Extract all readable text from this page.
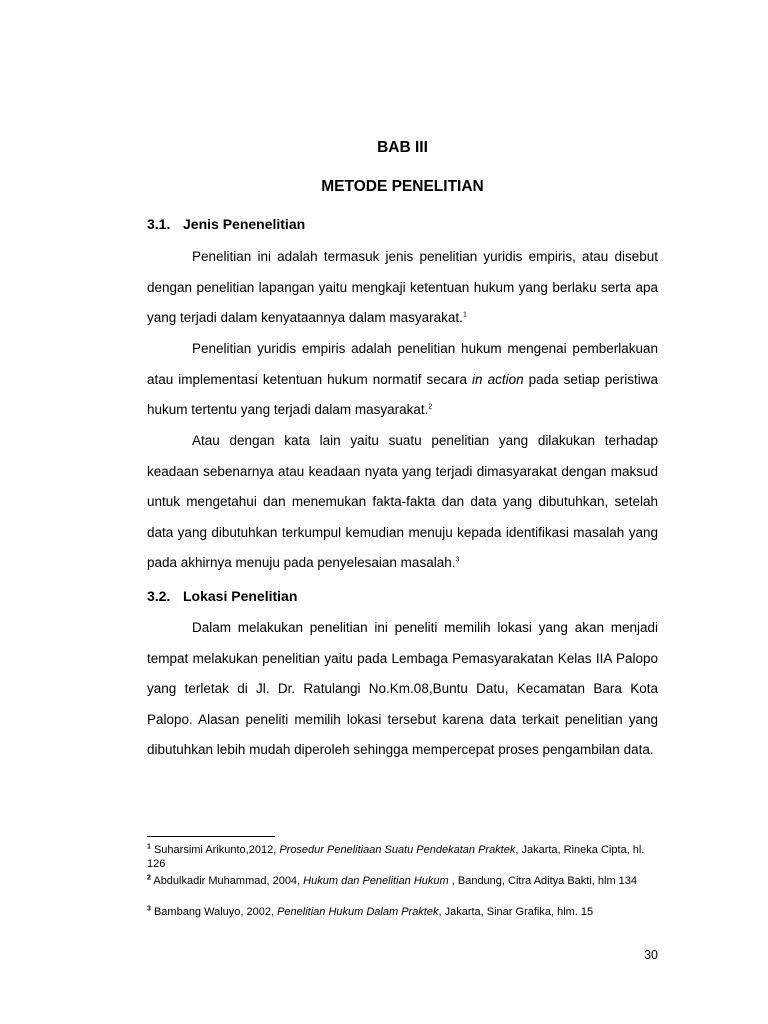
BAB III
METODE PENELITIAN
3.1. Jenis Penenelitian

Penelitian ini adalah termasuk jenis penelitian yuridis empiris, atau disebut dengan penelitian lapangan yaitu mengkaji ketentuan hukum yang berlaku serta apa yang terjadi dalam kenyataannya dalam masyarakat.$^1$

Penelitian yuridis empiris adalah penelitian hukum mengenai pemberlakuan atau implementasi ketentuan hukum normatif secara in action pada setiap peristiwa hukum tertentu yang terjadi dalam masyarakat.$^2$

Atau dengan kata lain yaitu suatu penelitian yang dilakukan terhadap keadaan sebenarnya atau keadaan nyata yang terjadi dimasyarakat dengan maksud untuk mengetahui dan menemukan fakta-fakta dan data yang dibutuhkan, setelah data yang dibutuhkan terkumpul kemudian menuju kepada identifikasi masalah yang pada akhirnya menuju pada penyelesaian masalah.$^3$

3.2. Lokasi Penelitian

Dalam melakukan penelitian ini peneliti memilih lokasi yang akan menjadi tempat melakukan penelitian yaitu pada Lembaga Pemasyarakatan Kelas IIA Palopo yang terletak di Jl. Dr. Ratulangi No.Km.08,Buntu Datu, Kecamatan Bara Kota Palopo. Alasan peneliti memilih lokasi tersebut karena data terkait penelitian yang dibutuhkan lebih mudah diperoleh sehingga mempercepat proses pengambilan data.

$^1$ Suharsimi Arikunto,2012, Prosedur Penelitiaan Suatu Pendekatan Praktek, Jakarta, Rineka Cipta, hl. 126

$^2$ Abdulkadir Muhammad, 2004, Hukum dan Penelitian Hukum , Bandung, Citra Aditya Bakti, hlm 134

$^3$ Bambang Waluyo, 2002, Penelitian Hukum Dalam Praktek, Jakarta, Sinar Grafika, hlm. 15

30
